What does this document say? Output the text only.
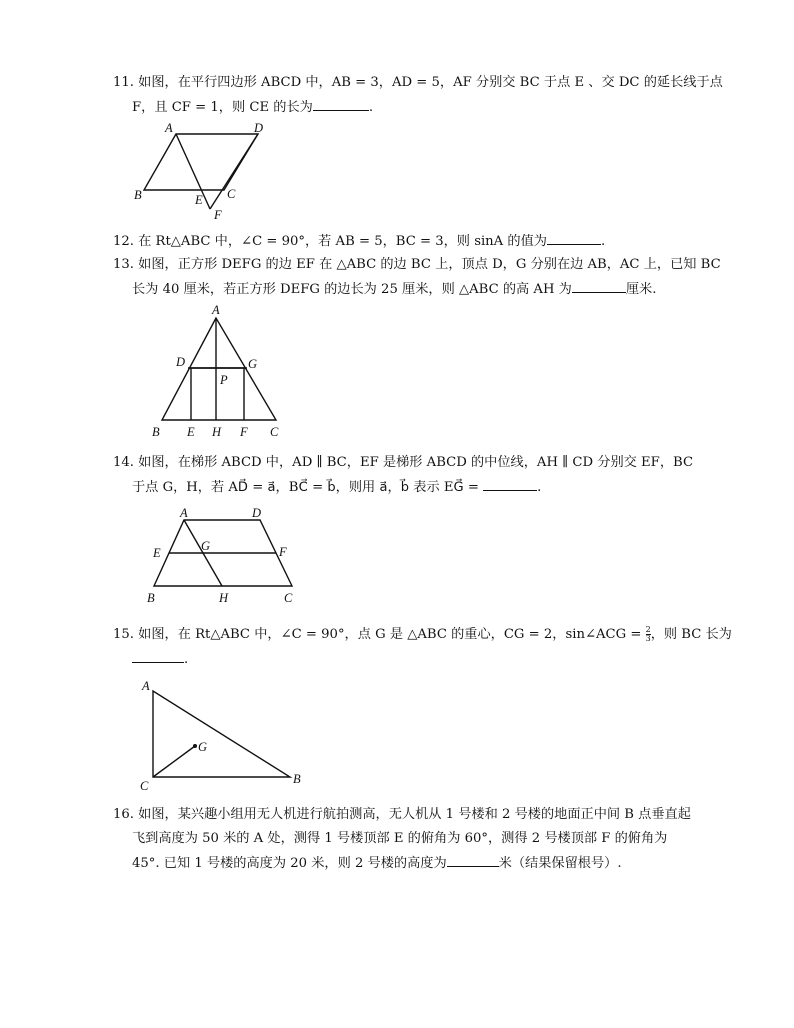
11. 如图，在平行四边形 ABCD 中，AB = 3，AD = 5，AF 分别交 BC 于点 E 、交 DC 的延长线于点
F，且 CF = 1，则 CE 的长为	.
A	D
B	E C
F
12. 在 Rt△ABC 中，∠C = 90°，若 AB = 5，BC = 3，则 sinA 的值为	.
13. 如图，正方形 DEFG 的边 EF 在 △ABC 的边 BC 上，顶点 D，G 分别在边 AB，AC 上，已知 BC
长为 40 厘米，若正方形 DEFG 的边长为 25 厘米，则 △ABC 的高 AH 为	厘米.
A
D	G
P
B E H F C
14. 如图，在梯形 ABCD 中，AD ∥ BC，EF 是梯形 ABCD 的中位线，AH ∥ CD 分别交 EF，BC
于点 G，H，若 AD⃗ = a⃗，BC⃗ = b⃗，则用 a⃗，b⃗ 表示 EG⃗ =	.
A	D
E	G	F
B	H	C
15. 如图，在 Rt△ABC 中，∠C = 90°，点 G 是 △ABC 的重心，CG = 2，sin∠ACG = $\frac{2}{3}$ ，则 BC 长为
.
A
G
C	B
16. 如图，某兴趣小组用无人机进行航拍测高，无人机从 1 号楼和 2 号楼的地面正中间 B 点垂直起
飞到高度为 50 米的 A 处，测得 1 号楼顶部 E 的俯角为 60°，测得 2 号楼顶部 F 的俯角为
45°. 已知 1 号楼的高度为 20 米，则 2 号楼的高度为	米（结果保留根号）.
